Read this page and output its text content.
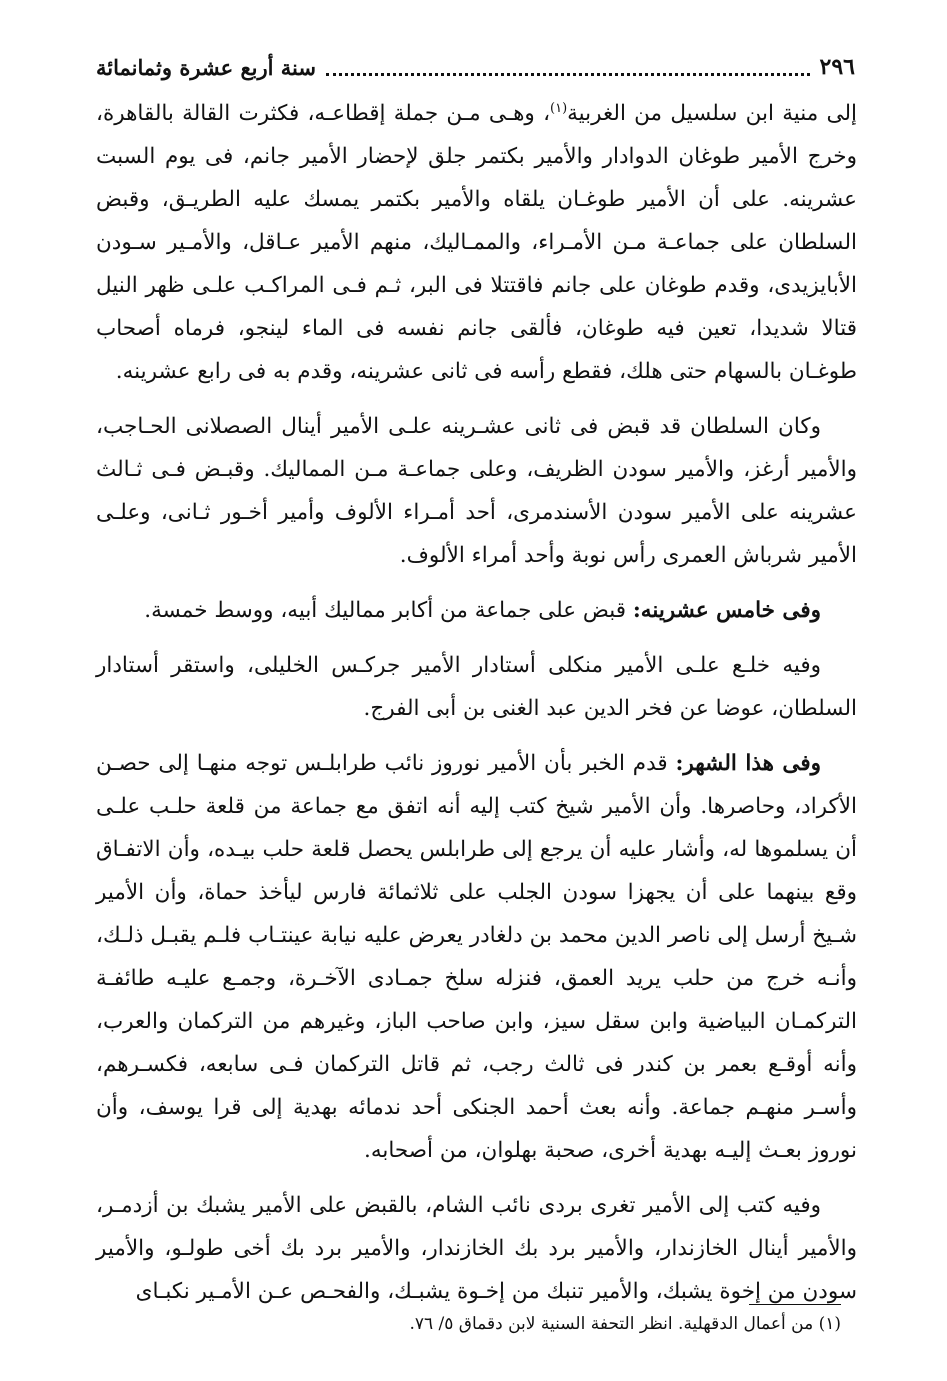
٢٩٦
سنة أربع عشرة وثمانمائة

إلى منية ابن سلسيل من الغربية$^{(١)}$، وهـى مـن جملة إقطاعـه، فكثرت القالة بالقاهرة، وخرج الأمير طوغان الدوادار والأمير بكتمر جلق لإحضار الأمير جانم، فى يوم السبت عشرينه. على أن الأمير طوغـان يلقاه والأمير بكتمر يمسك عليه الطريـق، وقبض السلطان على جماعـة مـن الأمـراء، والممـاليك، منهم الأمير عـاقل، والأمـير سـودن الأبايزيدى، وقدم طوغان على جانم فاقتتلا فى البر، ثـم فـى المراكـب علـى ظهر النيل قتالا شديدا، تعين فيه طوغان، فألقى جانم نفسه فى الماء لينجو، فرماه أصحاب طوغـان بالسهام حتى هلك، فقطع رأسه فى ثانى عشرينه، وقدم به فى رابع عشرينه.

وكان السلطان قد قبض فى ثانى عشـرينه علـى الأمير أينال الصصلانى الحـاجب، والأمير أرغز، والأمير سودن الظريف، وعلى جماعـة مـن المماليك. وقبـض فـى ثـالث عشرينه على الأمير سودن الأسندمرى، أحد أمـراء الألوف وأمير أخـور ثـانى، وعلـى الأمير شرباش العمرى رأس نوبة وأحد أمراء الألوف.

وفى خامس عشرينه: قبض على جماعة من أكابر مماليك أبيه، ووسط خمسة.

وفيه خلـع علـى الأمير منكلى أستادار الأمير جركـس الخليلى، واستقر أستادار السلطان، عوضا عن فخر الدين عبد الغنى بن أبى الفرج.

وفى هذا الشهر: قدم الخبر بأن الأمير نوروز نائب طرابلـس توجه منهـا إلى حصـن الأكراد، وحاصرها. وأن الأمير شيخ كتب إليه أنه اتفق مع جماعة من قلعة حلـب علـى أن يسلموها له، وأشار عليه أن يرجع إلى طرابلس يحصل قلعة حلب بيـده، وأن الاتفـاق وقع بينهما على أن يجهزا سودن الجلب على ثلاثمائة فارس ليأخذ حماة، وأن الأمير شـيخ أرسل إلى ناصر الدين محمد بن دلغادر يعرض عليه نيابة عينتـاب فلـم يقبـل ذلـك، وأنـه خرج من حلب يريد العمق، فنزله سلخ جمـادى الآخـرة، وجمـع عليـه طائفـة التركمـان البياضية وابن سقل سيز، وابن صاحب الباز، وغيرهم من التركمان والعرب، وأنه أوقـع بعمر بن كندر فى ثالث رجب، ثم قاتل التركمان فـى سابعه، فكسـرهم، وأسـر منهـم جماعة. وأنه بعث أحمد الجنكى أحد ندمائه بهدية إلى قرا يوسف، وأن نوروز بعـث إليـه بهدية أخرى، صحبة بهلوان، من أصحابه.

وفيه كتب إلى الأمير تغرى بردى نائب الشام، بالقبض على الأمير يشبك بن أزدمـر، والأمير أينال الخازندار، والأمير برد بك الخازندار، والأمير برد بك أخى طولـو، والأمير سودن من إخوة يشبك، والأمير تنبك من إخـوة يشبـك، والفحـص عـن الأمـير نكبـاى

(١) من أعمال الدقهلية. انظر التحفة السنية لابن دقماق ٥/ ٧٦.
